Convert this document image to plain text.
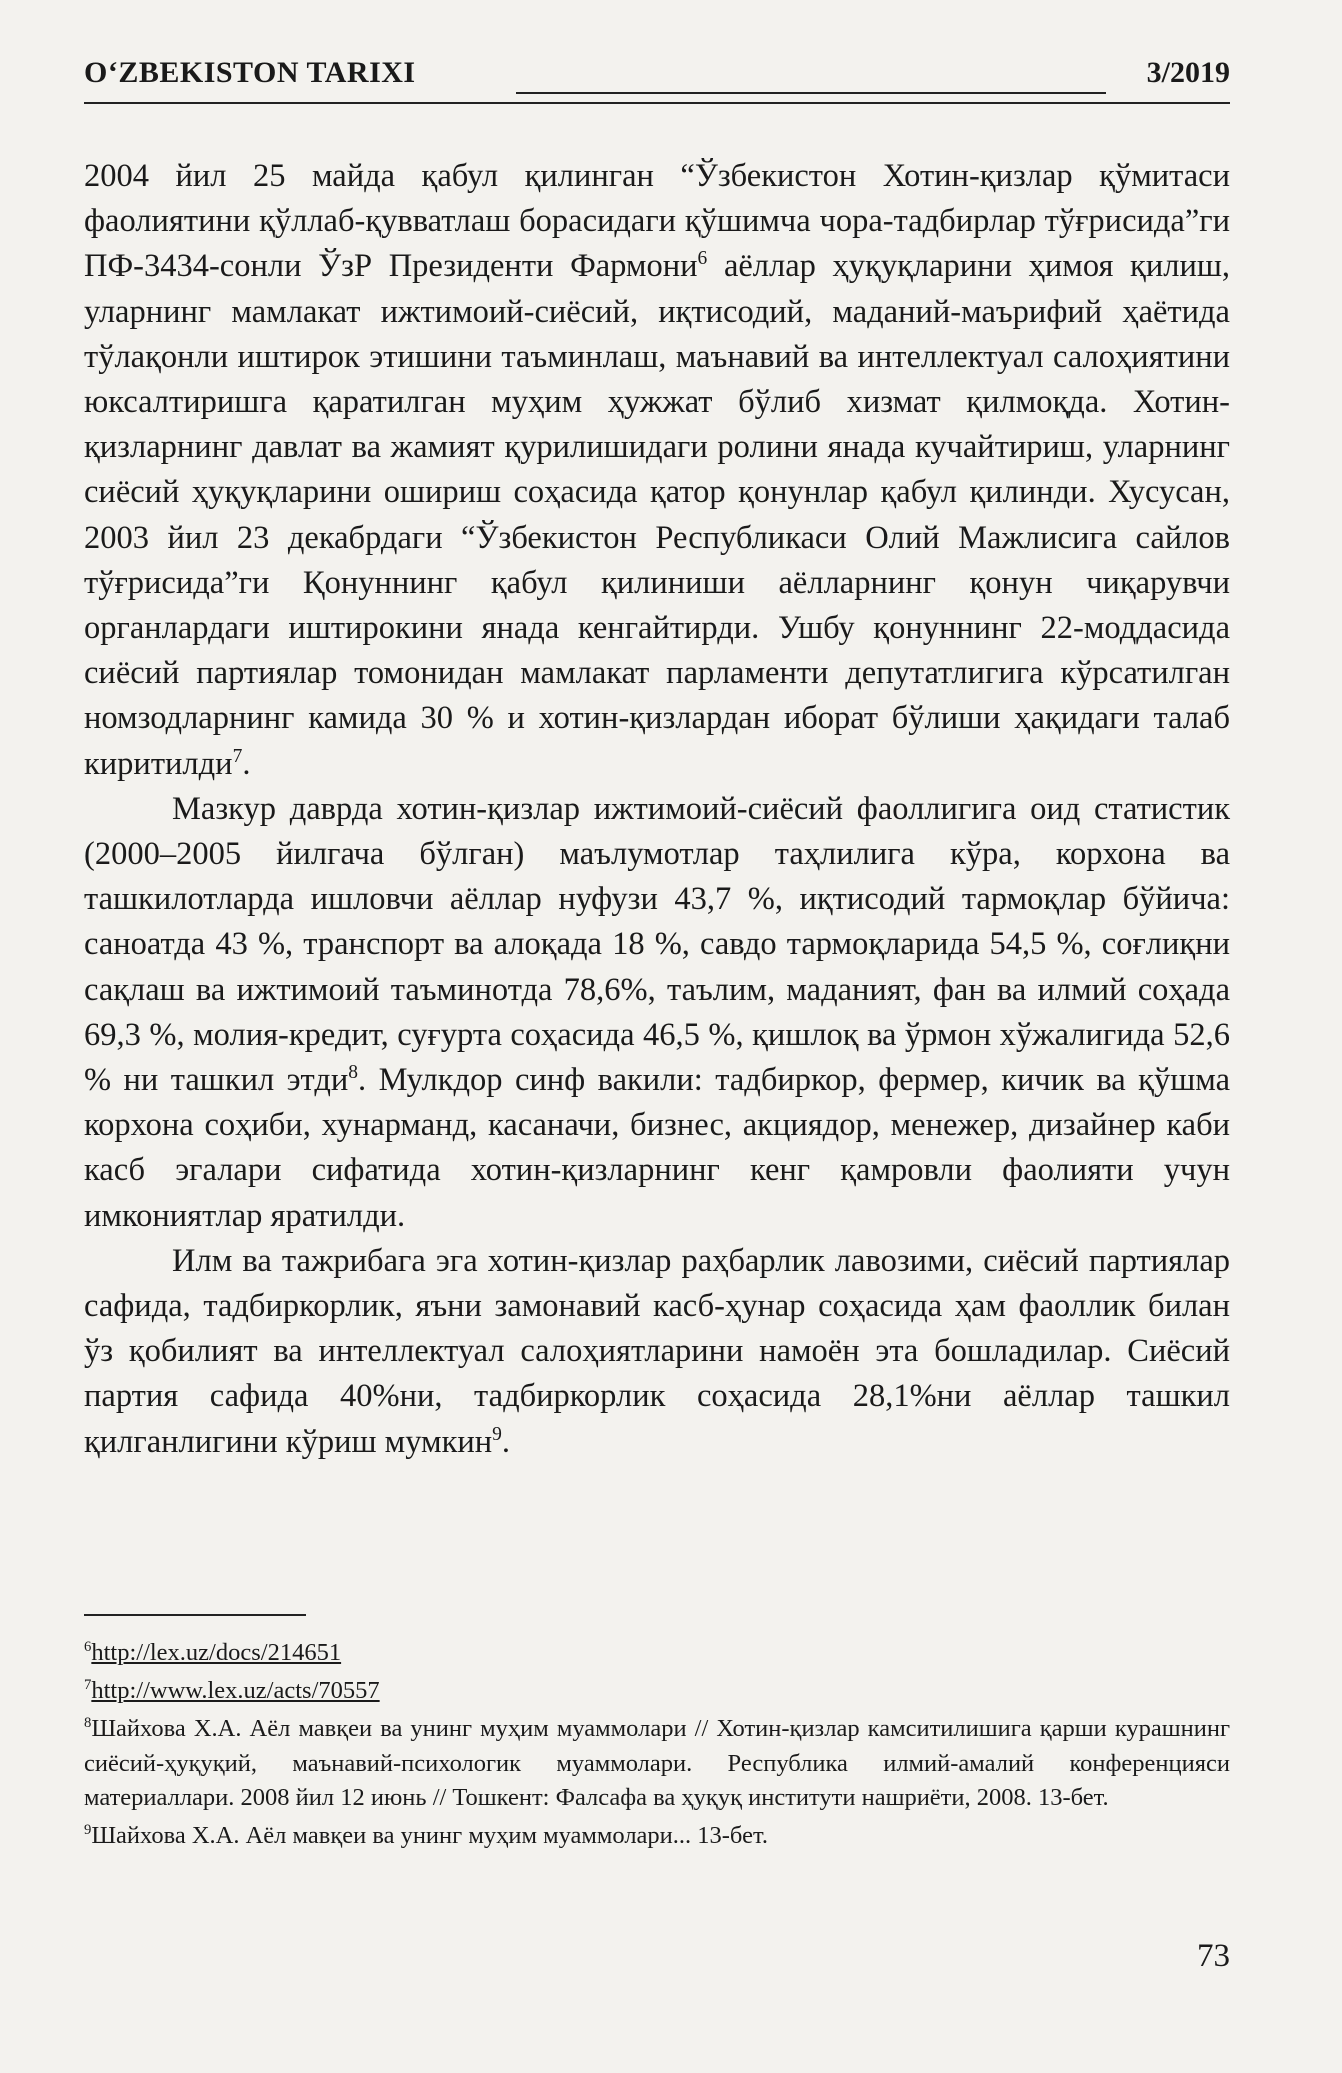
O‘ZBEKISTON TARIXI	3/2019

2004 йил 25 майда қабул қилинган “Ўзбекистон Хотин-қизлар қўмитаси фаолиятини қўллаб-қувватлаш борасидаги қўшимча чора-тадбирлар тўғрисида”ги ПФ-3434-сонли ЎзР Президенти Фармони$^6$ аёллар ҳуқуқларини ҳимоя қилиш, уларнинг мамлакат ижтимоий-сиёсий, иқтисодий, маданий-маърифий ҳаётида тўлақонли иштирок этишини таъминлаш, маънавий ва интеллектуал салоҳиятини юксалтиришга қаратилган муҳим ҳужжат бўлиб хизмат қилмоқда. Хотин-қизларнинг давлат ва жамият қурилишидаги ролини янада кучайтириш, уларнинг сиёсий ҳуқуқларини ошириш соҳасида қатор қонунлар қабул қилинди. Хусусан, 2003 йил 23 декабрдаги “Ўзбекистон Республикаси Олий Мажлисига сайлов тўғрисида”ги Қонуннинг қабул қилиниши аёлларнинг қонун чиқарувчи органлардаги иштирокини янада кенгайтирди. Ушбу қонуннинг 22-моддасида сиёсий партиялар томонидан мамлакат парламенти депутатлигига кўрсатилган номзодларнинг камида 30 % и хотин-қизлардан иборат бўлиши ҳақидаги талаб киритилди$^7$.

Мазкур даврда хотин-қизлар ижтимоий-сиёсий фаоллигига оид статистик (2000–2005 йилгача бўлган) маълумотлар таҳлилига кўра, корхона ва ташкилотларда ишловчи аёллар нуфузи 43,7 %, иқтисодий тармоқлар бўйича: саноатда 43 %, транспорт ва алоқада 18 %, савдо тармоқларида 54,5 %, соғлиқни сақлаш ва ижтимоий таъминотда 78,6%, таълим, маданият, фан ва илмий соҳада 69,3 %, молия-кредит, суғурта соҳасида 46,5 %, қишлоқ ва ўрмон хўжалигида 52,6 % ни ташкил этди$^8$. Мулкдор синф вакили: тадбиркор, фермер, кичик ва қўшма корхона соҳиби, хунарманд, касаначи, бизнес, акциядор, менежер, дизайнер каби касб эгалари сифатида хотин-қизларнинг кенг қамровли фаолияти учун имкониятлар яратилди.

Илм ва тажрибага эга хотин-қизлар раҳбарлик лавозими, сиёсий партиялар сафида, тадбиркорлик, яъни замонавий касб-ҳунар соҳасида ҳам фаоллик билан ўз қобилият ва интеллектуал салоҳиятларини намоён эта бошладилар. Сиёсий партия сафида 40%ни, тадбиркорлик соҳасида 28,1%ни аёллар ташкил қилганлигини кўриш мумкин$^9$.

$^6$http://lex.uz/docs/214651

$^7$http://www.lex.uz/acts/70557

$^8$Шайхова Х.А. Аёл мавқеи ва унинг муҳим муаммолари // Хотин-қизлар камситилишига қарши курашнинг сиёсий-ҳуқуқий, маънавий-психологик муаммолари. Республика илмий-амалий конференцияси материаллари. 2008 йил 12 июнь // Тошкент: Фалсафа ва ҳуқуқ институти нашриёти, 2008. 13-бет.

$^9$Шайхова Х.А. Аёл мавқеи ва унинг муҳим муаммолари... 13-бет.

73
